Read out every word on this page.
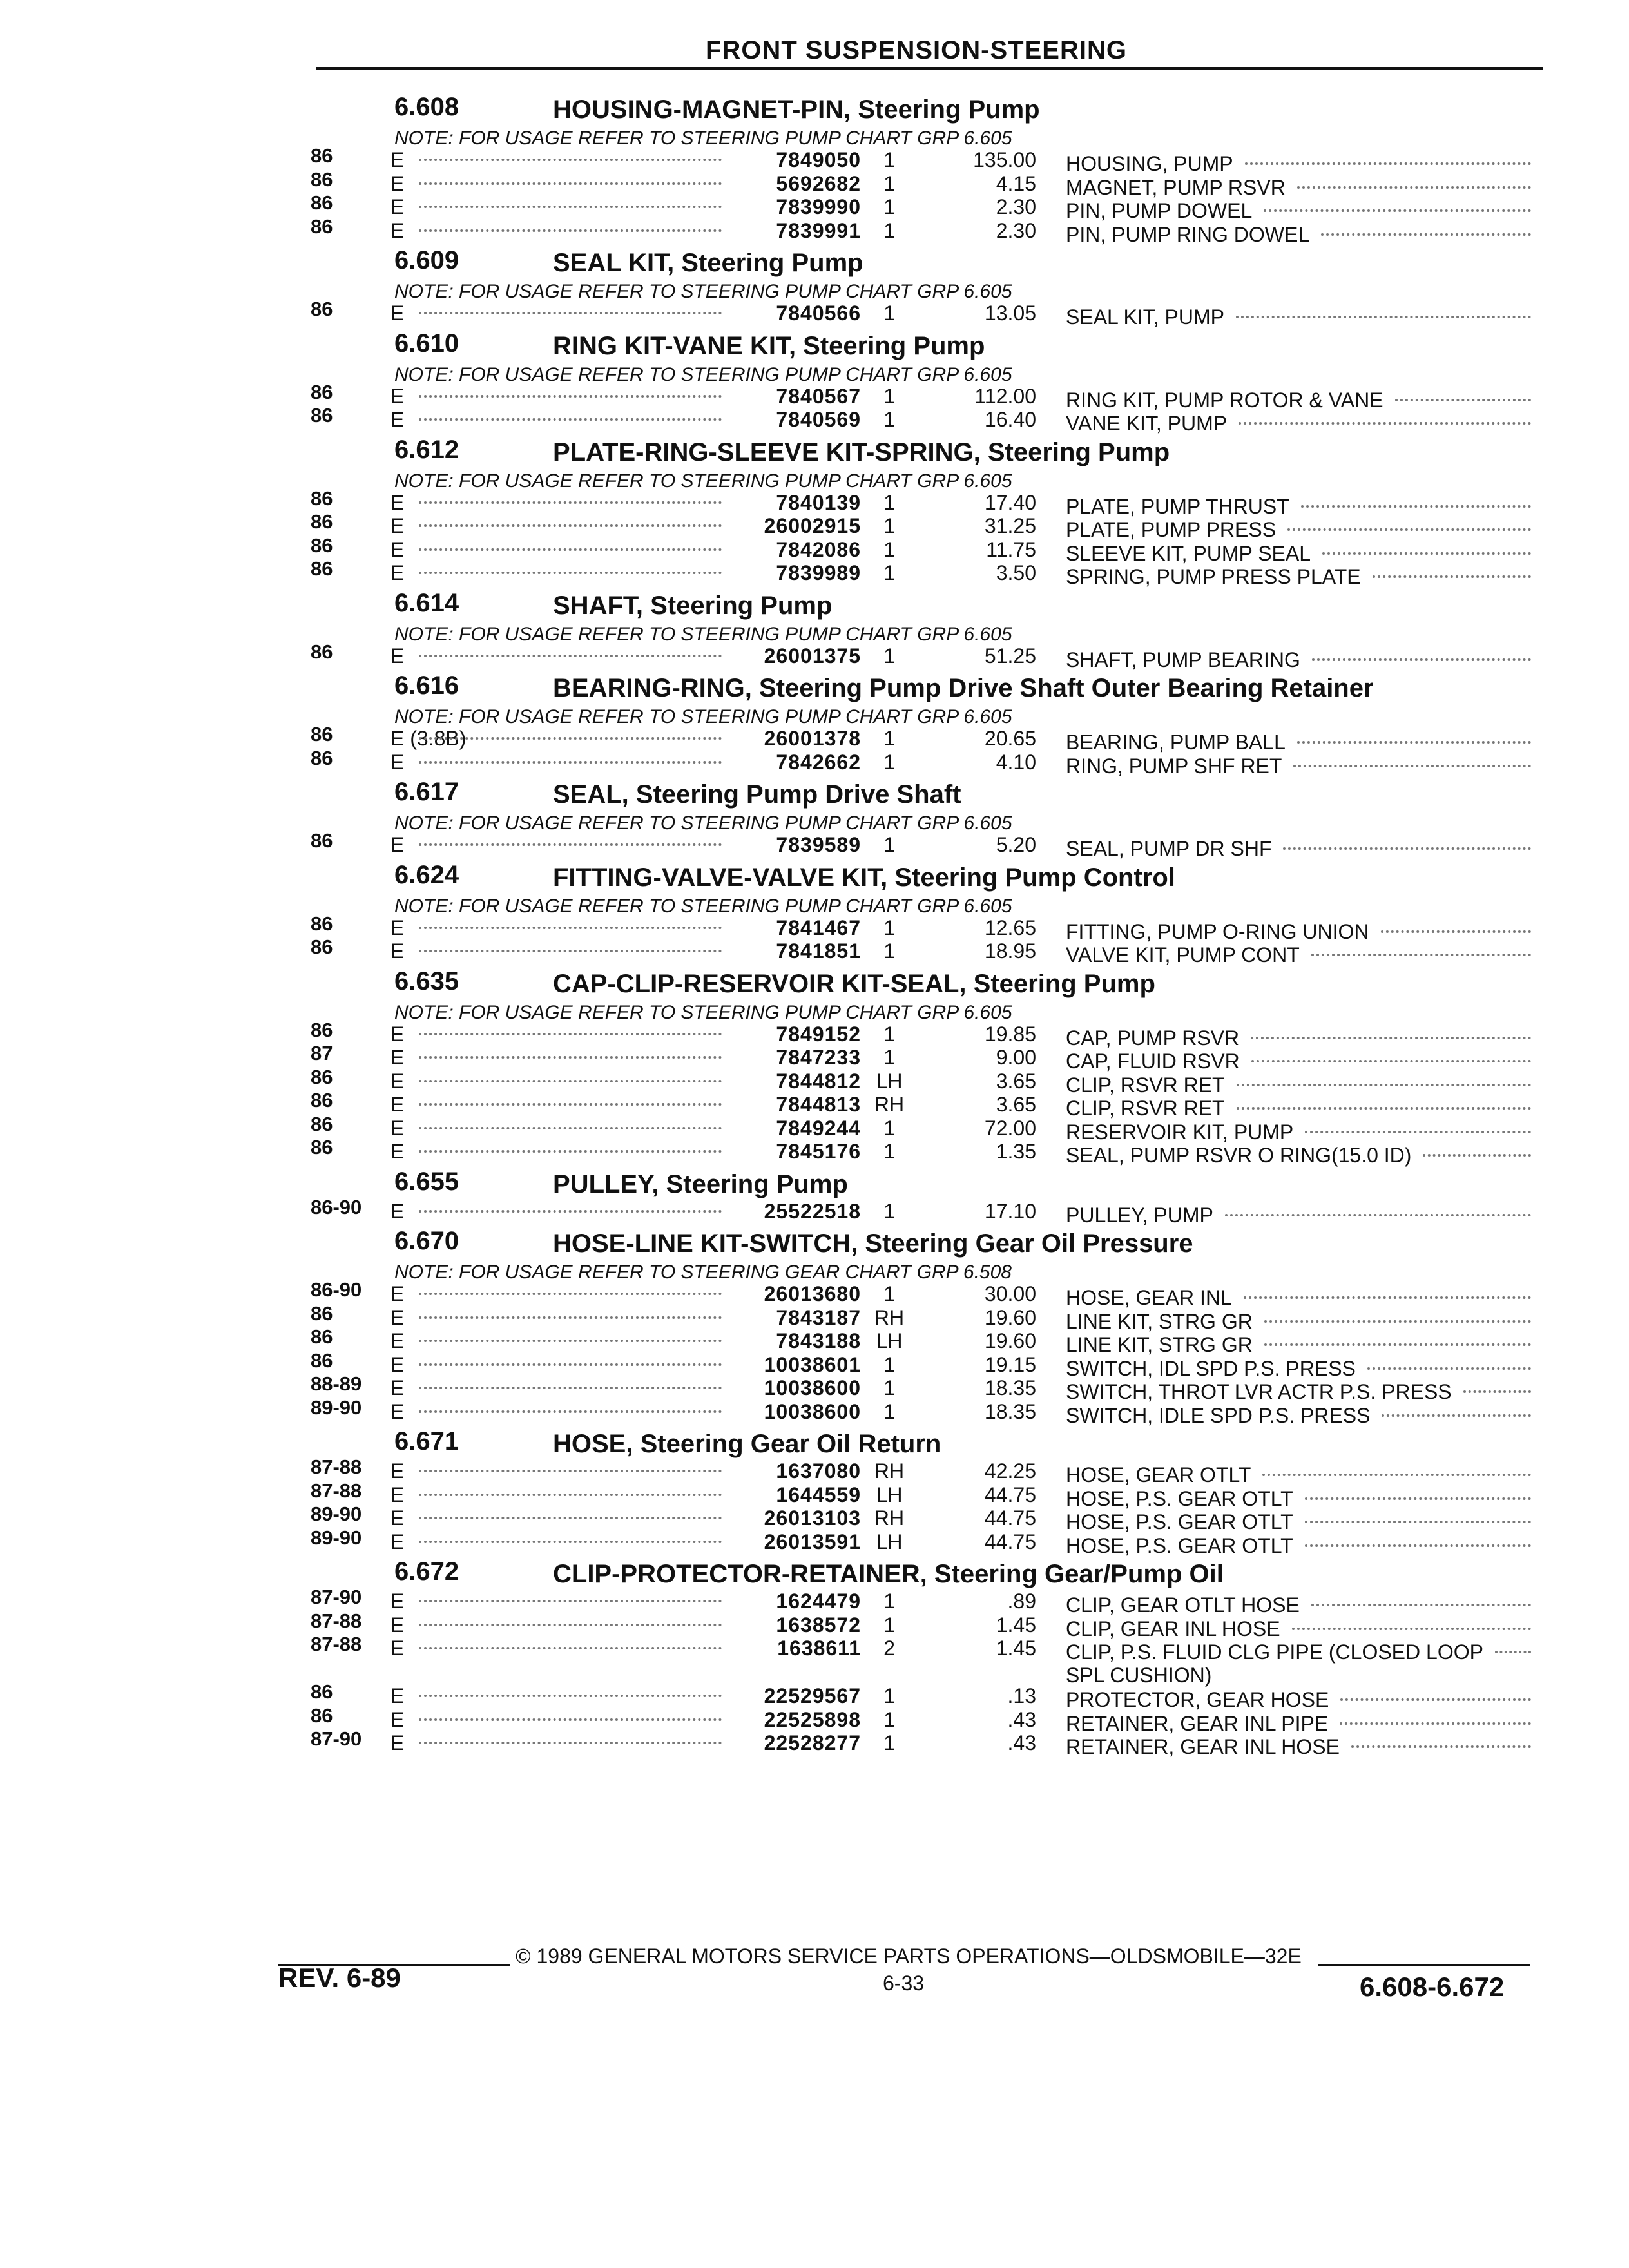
FRONT SUSPENSION-STEERING
6.608	HOUSING-MAGNET-PIN, Steering Pump
NOTE: FOR USAGE REFER TO STEERING PUMP CHART GRP 6.605
86	E	7849050	1	135.00 HOUSING, PUMP
86	E	5692682	1	4.15 MAGNET, PUMP RSVR
86	E	7839990	1	2.30 PIN, PUMP DOWEL
86	E	7839991	1	2.30 PIN, PUMP RING DOWEL
6.609	SEAL KIT, Steering Pump
NOTE: FOR USAGE REFER TO STEERING PUMP CHART GRP 6.605
86	E	7840566	1	13.05 SEAL KIT, PUMP
6.610	RING KIT-VANE KIT, Steering Pump
NOTE: FOR USAGE REFER TO STEERING PUMP CHART GRP 6.605
86	E	7840567	1	112.00 RING KIT, PUMP ROTOR & VANE
86	E	7840569	1	16.40 VANE KIT, PUMP
6.612	PLATE-RING-SLEEVE KIT-SPRING, Steering Pump
NOTE: FOR USAGE REFER TO STEERING PUMP CHART GRP 6.605
86	E	7840139	1	17.40 PLATE, PUMP THRUST
86	E	26002915	1	31.25 PLATE, PUMP PRESS
86	E	7842086	1	11.75 SLEEVE KIT, PUMP SEAL
86	E	7839989	1	3.50 SPRING, PUMP PRESS PLATE
6.614	SHAFT, Steering Pump
NOTE: FOR USAGE REFER TO STEERING PUMP CHART GRP 6.605
86	E	26001375	1	51.25 SHAFT, PUMP BEARING
6.616	BEARING-RING, Steering Pump Drive Shaft Outer Bearing Retainer
NOTE: FOR USAGE REFER TO STEERING PUMP CHART GRP 6.605
86	E (3.8B)	26001378	1	20.65 BEARING, PUMP BALL
86	E	7842662	1	4.10 RING, PUMP SHF RET
6.617	SEAL, Steering Pump Drive Shaft
NOTE: FOR USAGE REFER TO STEERING PUMP CHART GRP 6.605
86	E	7839589	1	5.20 SEAL, PUMP DR SHF
6.624	FITTING-VALVE-VALVE KIT, Steering Pump Control
NOTE: FOR USAGE REFER TO STEERING PUMP CHART GRP 6.605
86	E	7841467	1	12.65 FITTING, PUMP O-RING UNION
86	E	7841851	1	18.95 VALVE KIT, PUMP CONT
6.635	CAP-CLIP-RESERVOIR KIT-SEAL, Steering Pump
NOTE: FOR USAGE REFER TO STEERING PUMP CHART GRP 6.605
86	E	7849152	1	19.85 CAP, PUMP RSVR
87	E	7847233	1	9.00 CAP, FLUID RSVR
86	E	7844812 LH	3.65 CLIP, RSVR RET
86	E	7844813 RH	3.65 CLIP, RSVR RET
86	E	7849244	1	72.00 RESERVOIR KIT, PUMP
86	E	7845176	1	1.35 SEAL, PUMP RSVR O RING(15.0 ID)
6.655	PULLEY, Steering Pump
86-90 E	25522518	1	17.10 PULLEY, PUMP
6.670	HOSE-LINE KIT-SWITCH, Steering Gear Oil Pressure
NOTE: FOR USAGE REFER TO STEERING GEAR CHART GRP 6.508
86-90 E	26013680	1	30.00 HOSE, GEAR INL
86	E	7843187 RH	19.60 LINE KIT, STRG GR
86	E	7843188 LH	19.60 LINE KIT, STRG GR
86	E	10038601	1	19.15 SWITCH, IDL SPD P.S. PRESS
88-89 E	10038600	1	18.35 SWITCH, THROT LVR ACTR P.S. PRESS
89-90 E	10038600	1	18.35 SWITCH, IDLE SPD P.S. PRESS
6.671	HOSE, Steering Gear Oil Return
87-88 E	1637080 RH	42.25 HOSE, GEAR OTLT
87-88 E	1644559 LH	44.75 HOSE, P.S. GEAR OTLT
89-90 E	26013103 RH	44.75 HOSE, P.S. GEAR OTLT
89-90 E	26013591 LH	44.75 HOSE, P.S. GEAR OTLT
6.672	CLIP-PROTECTOR-RETAINER, Steering Gear/Pump Oil
87-90 E	1624479	1	.89 CLIP, GEAR OTLT HOSE
87-88 E	1638572	1	1.45 CLIP, GEAR INL HOSE
87-88 E	1638611	2	1.45 CLIP, P.S. FLUID CLG PIPE (CLOSED LOOP
SPL CUSHION)
86	E	22529567	1	.13 PROTECTOR, GEAR HOSE
86	E	22525898	1	.43 RETAINER, GEAR INL PIPE
87-90 E	22528277	1	.43 RETAINER, GEAR INL HOSE
© 1989 GENERAL MOTORS SERVICE PARTS OPERATIONS—OLDSMOBILE—32E
REV. 6-89	6-33	6.608-6.672
